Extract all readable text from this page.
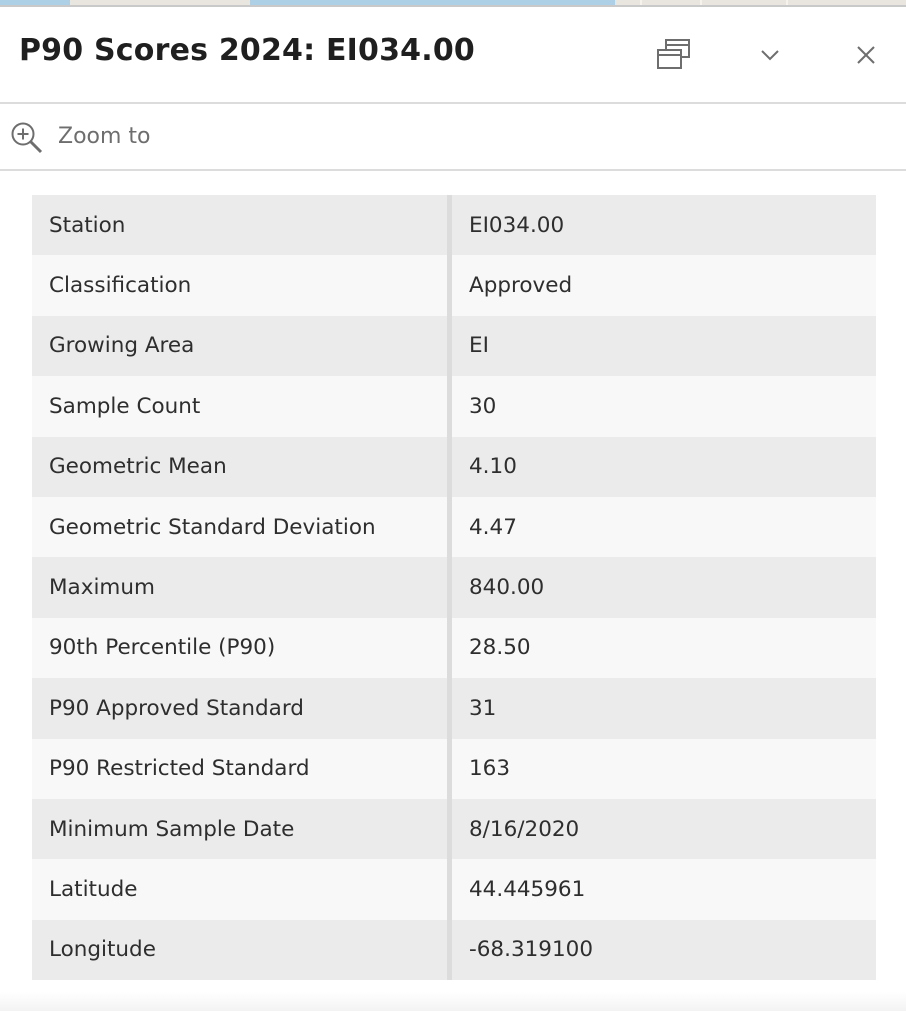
P90 Scores 2024: EI034.00
Zoom to
Station	EI034.00
Classification	Approved
Growing Area	EI
Sample Count	30
Geometric Mean	4.10
Geometric Standard Deviation	4.47
Maximum	840.00
90th Percentile (P90)	28.50
P90 Approved Standard	31
P90 Restricted Standard	163
Minimum Sample Date	8/16/2020
Latitude	44.445961
Longitude	-68.319100
